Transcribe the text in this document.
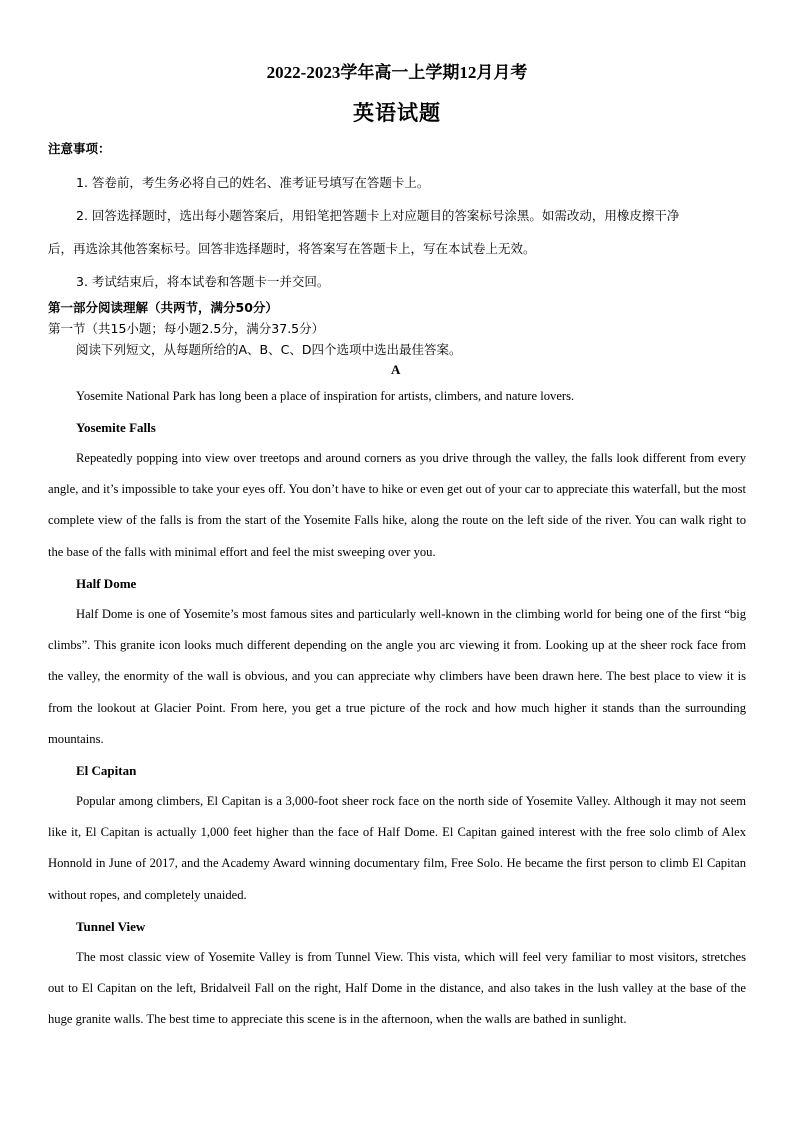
2022-2023学年高一上学期12月月考
英语试题
注意事项：
1. 答卷前，考生务必将自己的姓名、准考证号填写在答题卡上。
2. 回答选择题时，选出每小题答案后，用铅笔把答题卡上对应题目的答案标号涂黑。如需改动，用橡皮擦干净
后，再选涂其他答案标号。回答非选择题时，将答案写在答题卡上，写在本试卷上无效。
3. 考试结束后，将本试卷和答题卡一并交回。
第一部分阅读理解（共两节，满分50分）
第一节（共15小题；每小题2.5分，满分37.5分）
阅读下列短文，从每题所给的A、B、C、D四个选项中选出最佳答案。
A
Yosemite National Park has long been a place of inspiration for artists, climbers, and nature lovers.
Yosemite Falls

Repeatedly popping into view over treetops and around corners as you drive through the valley, the falls look different from every angle, and it’s impossible to take your eyes off. You don’t have to hike or even get out of your car to appreciate this waterfall, but the most complete view of the falls is from the start of the Yosemite Falls hike, along the route on the left side of the river. You can walk right to the base of the falls with minimal effort and feel the mist sweeping over you.

Half Dome

Half Dome is one of Yosemite’s most famous sites and particularly well-known in the climbing world for being one of the first “big climbs”. This granite icon looks much different depending on the angle you arc viewing it from. Looking up at the sheer rock face from the valley, the enormity of the wall is obvious, and you can appreciate why climbers have been drawn here. The best place to view it is from the lookout at Glacier Point. From here, you get a true picture of the rock and how much higher it stands than the surrounding mountains.

El Capitan

Popular among climbers, El Capitan is a 3,000-foot sheer rock face on the north side of Yosemite Valley. Although it may not seem like it, El Capitan is actually 1,000 feet higher than the face of Half Dome. El Capitan gained interest with the free solo climb of Alex Honnold in June of 2017, and the Academy Award winning documentary film, Free Solo. He became the first person to climb El Capitan without ropes, and completely unaided.

Tunnel View

The most classic view of Yosemite Valley is from Tunnel View. This vista, which will feel very familiar to most visitors, stretches out to El Capitan on the left, Bridalveil Fall on the right, Half Dome in the distance, and also takes in the lush valley at the base of the huge granite walls. The best time to appreciate this scene is in the afternoon, when the walls are bathed in sunlight.
